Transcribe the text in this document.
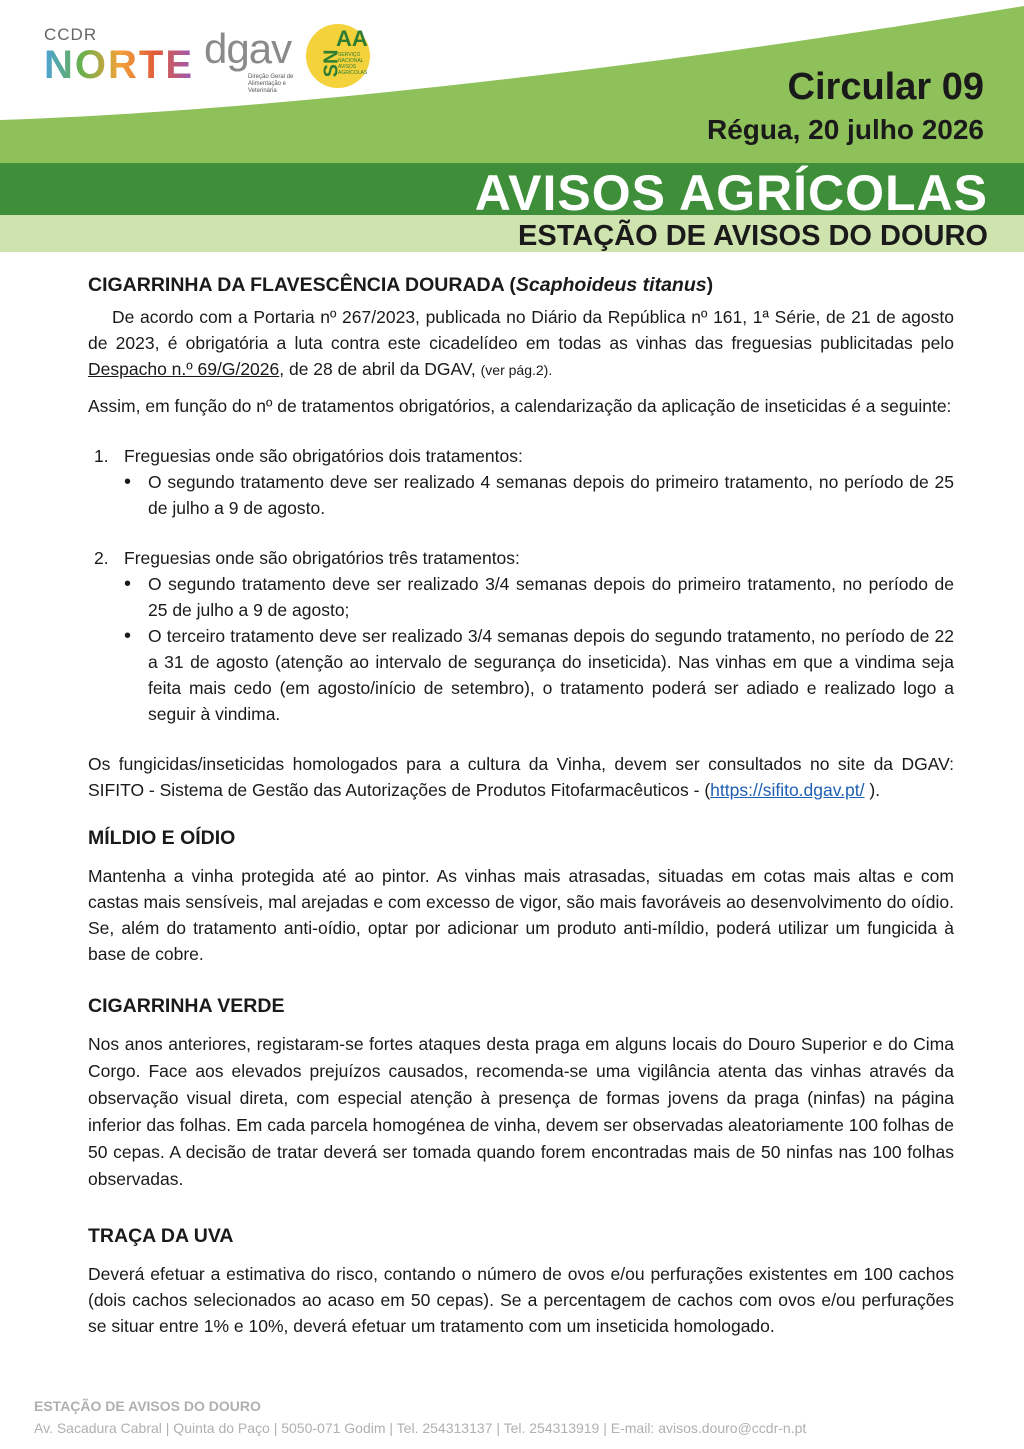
CCDR
NORTE dgav
Direção Geral de Alimentação e Veterinária
SN
AA
SERVIÇO NACIONAL AVISOS AGRÍCOLAS	Circular 09
Régua, 20 julho 2026
AVISOS AGRÍCOLAS
ESTAÇÃO DE AVISOS DO DOURO
CIGARRINHA DA FLAVESCÊNCIA DOURADA (Scaphoideus titanus)

De acordo com a Portaria nº 267/2023, publicada no Diário da República nº 161, 1ª Série, de 21 de agosto de 2023, é obrigatória a luta contra este cicadelídeo em todas as vinhas das freguesias publicitadas pelo Despacho n.º 69/G/2026, de 28 de abril da DGAV, (ver pág.2).

Assim, em função do nº de tratamentos obrigatórios, a calendarização da aplicação de inseticidas é a seguinte:

1. Freguesias onde são obrigatórios dois tratamentos:
• O segundo tratamento deve ser realizado 4 semanas depois do primeiro tratamento, no período de 25 de julho a 9 de agosto.
2. Freguesias onde são obrigatórios três tratamentos:
• O segundo tratamento deve ser realizado 3/4 semanas depois do primeiro tratamento, no período de 25 de julho a 9 de agosto;
• O terceiro tratamento deve ser realizado 3/4 semanas depois do segundo tratamento, no período de 22 a 31 de agosto (atenção ao intervalo de segurança do inseticida). Nas vinhas em que a vindima seja feita mais cedo (em agosto/início de setembro), o tratamento poderá ser adiado e realizado logo a seguir à vindima.

Os fungicidas/inseticidas homologados para a cultura da Vinha, devem ser consultados no site da DGAV: SIFITO - Sistema de Gestão das Autorizações de Produtos Fitofarmacêuticos - (https://sifito.dgav.pt/ ).

MÍLDIO E OÍDIO

Mantenha a vinha protegida até ao pintor. As vinhas mais atrasadas, situadas em cotas mais altas e com castas mais sensíveis, mal arejadas e com excesso de vigor, são mais favoráveis ao desenvolvimento do oídio. Se, além do tratamento anti-oídio, optar por adicionar um produto anti-míldio, poderá utilizar um fungicida à base de cobre.

CIGARRINHA VERDE

Nos anos anteriores, registaram-se fortes ataques desta praga em alguns locais do Douro Superior e do Cima Corgo. Face aos elevados prejuízos causados, recomenda-se uma vigilância atenta das vinhas através da observação visual direta, com especial atenção à presença de formas jovens da praga (ninfas) na página inferior das folhas. Em cada parcela homogénea de vinha, devem ser observadas aleatoriamente 100 folhas de 50 cepas. A decisão de tratar deverá ser tomada quando forem encontradas mais de 50 ninfas nas 100 folhas observadas.

TRAÇA DA UVA

Deverá efetuar a estimativa do risco, contando o número de ovos e/ou perfurações existentes em 100 cachos (dois cachos selecionados ao acaso em 50 cepas). Se a percentagem de cachos com ovos e/ou perfurações se situar entre 1% e 10%, deverá efetuar um tratamento com um inseticida homologado.

ESTAÇÃO DE AVISOS DO DOURO
Av. Sacadura Cabral | Quinta do Paço | 5050-071 Godim | Tel. 254313137 | Tel. 254313919 | E-mail: avisos.douro@ccdr-n.pt
